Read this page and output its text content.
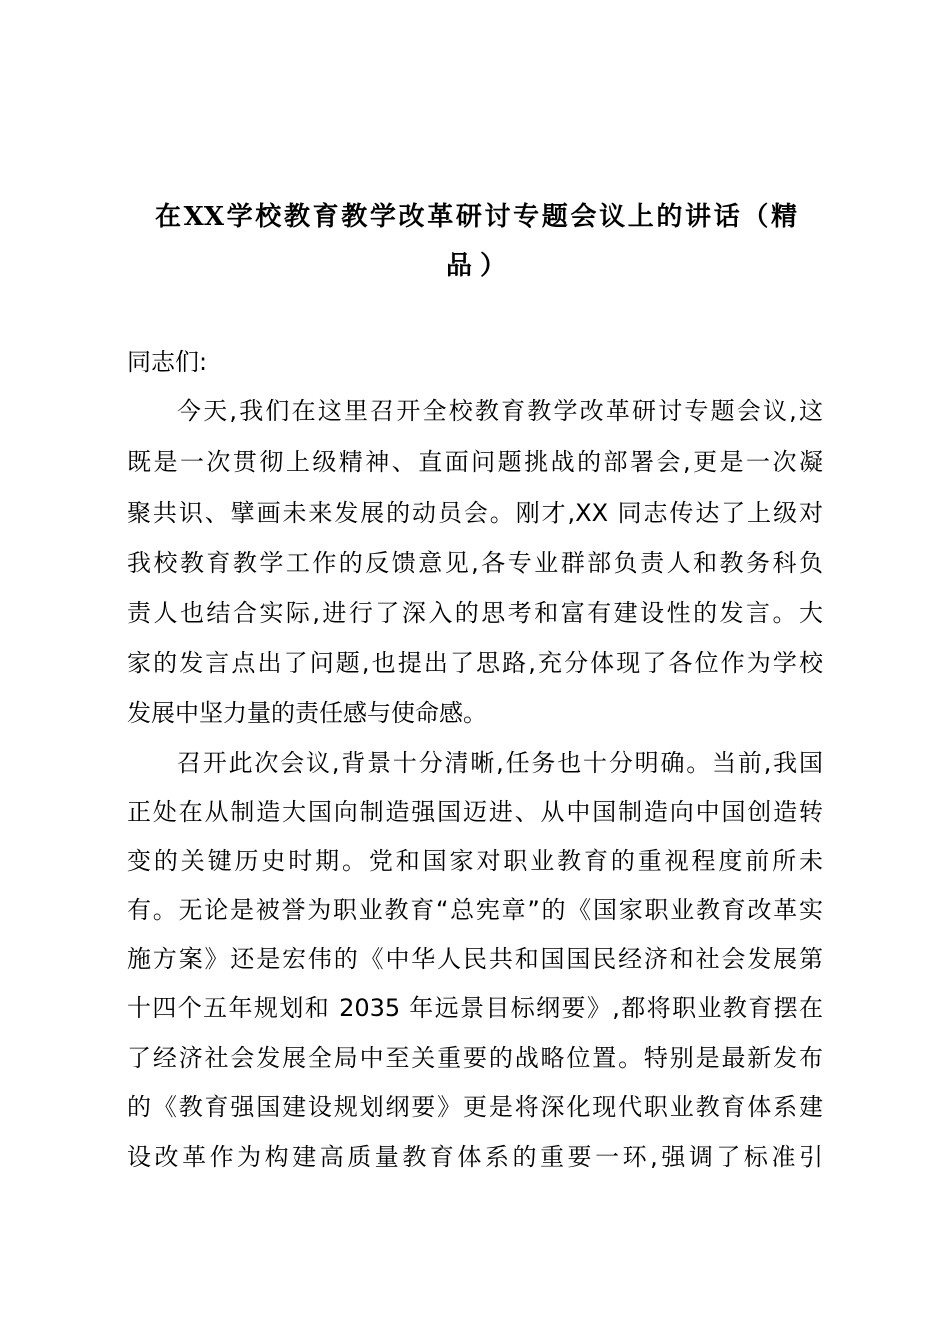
在XX学校教育教学改革研讨专题会议上的讲话（精
品）
同志们:
今天,我们在这里召开全校教育教学改革研讨专题会议,这
既是一次贯彻上级精神、直面问题挑战的部署会,更是一次凝
聚共识、擘画未来发展的动员会。刚才,XX 同志传达了上级对
我校教育教学工作的反馈意见,各专业群部负责人和教务科负
责人也结合实际,进行了深入的思考和富有建设性的发言。大
家的发言点出了问题,也提出了思路,充分体现了各位作为学校
发展中坚力量的责任感与使命感。
召开此次会议,背景十分清晰,任务也十分明确。当前,我国
正处在从制造大国向制造强国迈进、从中国制造向中国创造转
变的关键历史时期。党和国家对职业教育的重视程度前所未
有。无论是被誉为职业教育“总宪章”的《国家职业教育改革实
施方案》还是宏伟的《中华人民共和国国民经济和社会发展第
十四个五年规划和 2035 年远景目标纲要》,都将职业教育摆在
了经济社会发展全局中至关重要的战略位置。特别是最新发布
的《教育强国建设规划纲要》更是将深化现代职业教育体系建
设改革作为构建高质量教育体系的重要一环,强调了标准引
